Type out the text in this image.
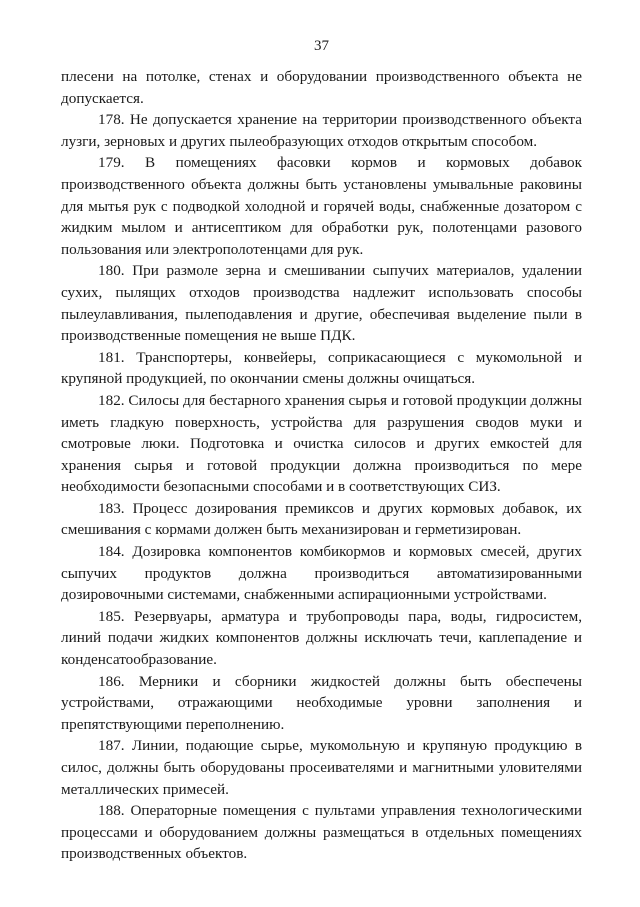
37

плесени на потолке, стенах и оборудовании производственного объекта не допускается.

178. Не допускается хранение на территории производственного объекта лузги, зерновых и других пылеобразующих отходов открытым способом.

179. В помещениях фасовки кормов и кормовых добавок производственного объекта должны быть установлены умывальные раковины для мытья рук с подводкой холодной и горячей воды, снабженные дозатором с жидким мылом и антисептиком для обработки рук, полотенцами разового пользования или электрополотенцами для рук.

180. При размоле зерна и смешивании сыпучих материалов, удалении сухих, пылящих отходов производства надлежит использовать способы пылеулавливания, пылеподавления и другие, обеспечивая выделение пыли в производственные помещения не выше ПДК.

181. Транспортеры, конвейеры, соприкасающиеся с мукомольной и крупяной продукцией, по окончании смены должны очищаться.

182. Силосы для бестарного хранения сырья и готовой продукции должны иметь гладкую поверхность, устройства для разрушения сводов муки и смотровые люки. Подготовка и очистка силосов и других емкостей для хранения сырья и готовой продукции должна производиться по мере необходимости безопасными способами и в соответствующих СИЗ.

183. Процесс дозирования премиксов и других кормовых добавок, их смешивания с кормами должен быть механизирован и герметизирован.

184. Дозировка компонентов комбикормов и кормовых смесей, других сыпучих продуктов должна производиться автоматизированными дозировочными системами, снабженными аспирационными устройствами.

185. Резервуары, арматура и трубопроводы пара, воды, гидросистем, линий подачи жидких компонентов должны исключать течи, каплепадение и конденсатообразование.

186. Мерники и сборники жидкостей должны быть обеспечены устройствами, отражающими необходимые уровни заполнения и препятствующими переполнению.

187. Линии, подающие сырье, мукомольную и крупяную продукцию в силос, должны быть оборудованы просеивателями и магнитными уловителями металлических примесей.

188. Операторные помещения с пультами управления технологическими процессами и оборудованием должны размещаться в отдельных помещениях производственных объектов.
